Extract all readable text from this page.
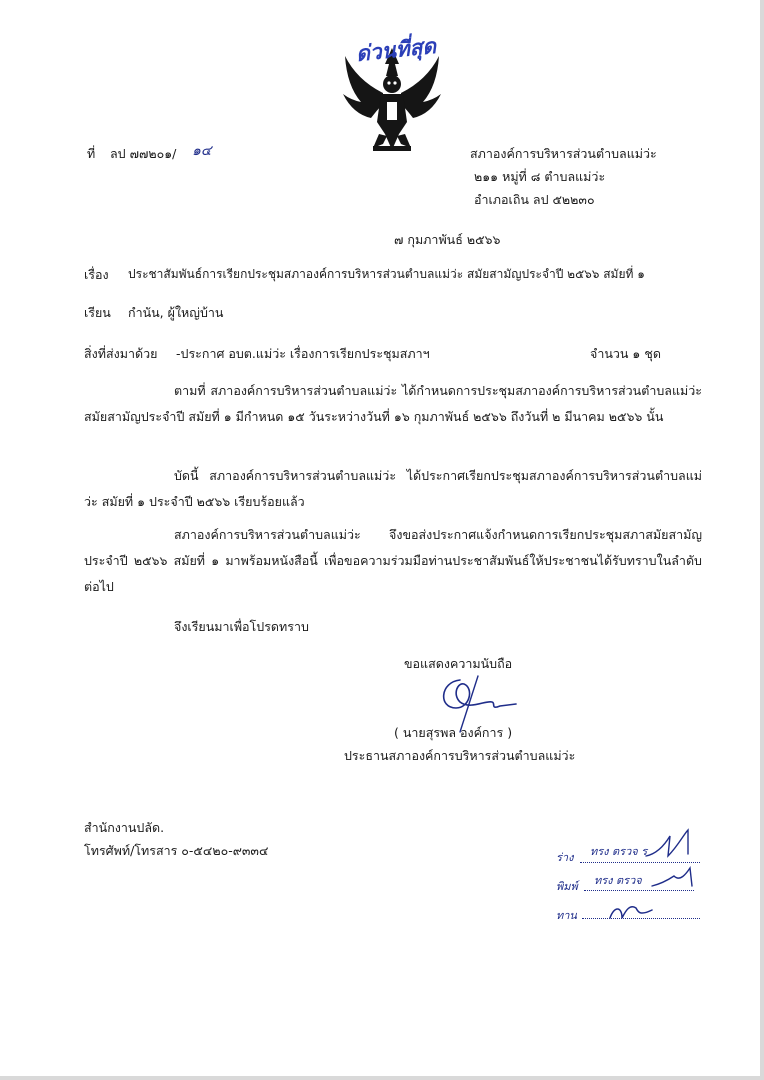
ด่วนที่สุด
ที่ ลป ๗๗๒๐๑/ ๑๔	สภาองค์การบริหารส่วนตำบลแม่ว่ะ
๒๑๑ หมู่ที่ ๘ ตำบลแม่ว่ะ
อำเภอเถิน ลป ๕๒๒๓๐
๗ กุมภาพันธ์ ๒๕๖๖
เรื่อง ประชาสัมพันธ์การเรียกประชุมสภาองค์การบริหารส่วนตำบลแม่ว่ะ สมัยสามัญประจำปี ๒๕๖๖ สมัยที่ ๑
เรียน กำนัน, ผู้ใหญ่บ้าน
สิ่งที่ส่งมาด้วย -ประกาศ อบต.แม่ว่ะ เรื่องการเรียกประชุมสภาฯ	จำนวน ๑ ชุด
ตามที่ สภาองค์การบริหารส่วนตำบลแม่ว่ะ ได้กำหนดการประชุมสภาองค์การบริหารส่วนตำบลแม่ว่ะ สมัยสามัญประจำปี สมัยที่ ๑ มีกำหนด ๑๕ วันระหว่างวันที่ ๑๖ กุมภาพันธ์ ๒๕๖๖ ถึงวันที่ ๒ มีนาคม ๒๕๖๖ นั้น
บัดนี้ สภาองค์การบริหารส่วนตำบลแม่ว่ะ ได้ประกาศเรียกประชุมสภาองค์การบริหารส่วนตำบลแม่ว่ะ สมัยที่ ๑ ประจำปี ๒๕๖๖ เรียบร้อยแล้ว
สภาองค์การบริหารส่วนตำบลแม่ว่ะ จึงขอส่งประกาศแจ้งกำหนดการเรียกประชุมสภาสมัยสามัญประจำปี ๒๕๖๖ สมัยที่ ๑ มาพร้อมหนังสือนี้ เพื่อขอความร่วมมือท่านประชาสัมพันธ์ให้ประชาชนได้รับทราบในลำดับต่อไป
จึงเรียนมาเพื่อโปรดทราบ
ขอแสดงความนับถือ
( นายสุรพล องค์การ )
ประธานสภาองค์การบริหารส่วนตำบลแม่ว่ะ
สำนักงานปลัด.
โทรศัพท์/โทรสาร ๐-๕๔๒๐-๙๓๓๔	ร่าง ทรง ตรวจ ร
พิมพ์ ทรง ตรวจ
ทาน
